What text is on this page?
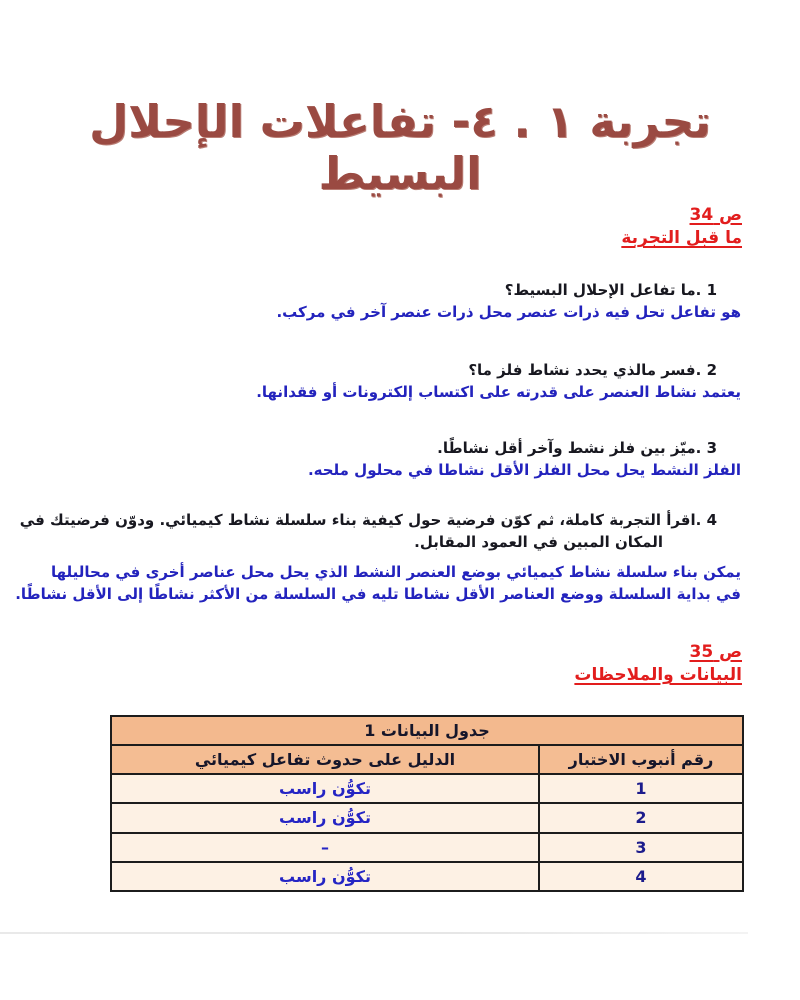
تجربة ١ . ٤- تفاعلات الإحلال البسيط
ص 34
ما قبل التجربة
1 .ما تفاعل الإحلال البسيط؟
هو تفاعل تحل فيه ذرات عنصر محل ذرات عنصر آخر في مركب.
2 .فسر مالذي يحدد نشاط فلز ما؟
يعتمد نشاط العنصر على قدرته على اكتساب إلكترونات أو فقدانها.
3 .ميّز بين فلز نشط وآخر أقل نشاطًا.
الفلز النشط يحل محل الفلز الأقل نشاطا في محلول ملحه.
4 .اقرأ التجربة كاملة، ثم كوّن فرضية حول كيفية بناء سلسلة نشاط كيميائي. ودوّن فرضيتك في
المكان المبين في العمود المقابل.
يمكن بناء سلسلة نشاط كيميائي بوضع العنصر النشط الذي يحل محل عناصر أخرى في محاليلها
في بداية السلسلة ووضع العناصر الأقل نشاطا تليه في السلسلة من الأكثر نشاطًا إلى الأقل نشاطًا.
ص 35
البيانات والملاحظات
جدول البيانات 1	
رقم أنبوب الاختبار	الدليل على حدوث تفاعل كيميائي
1	تكوُّن راسب
2	تكوُّن راسب
3	–
4	تكوُّن راسب
